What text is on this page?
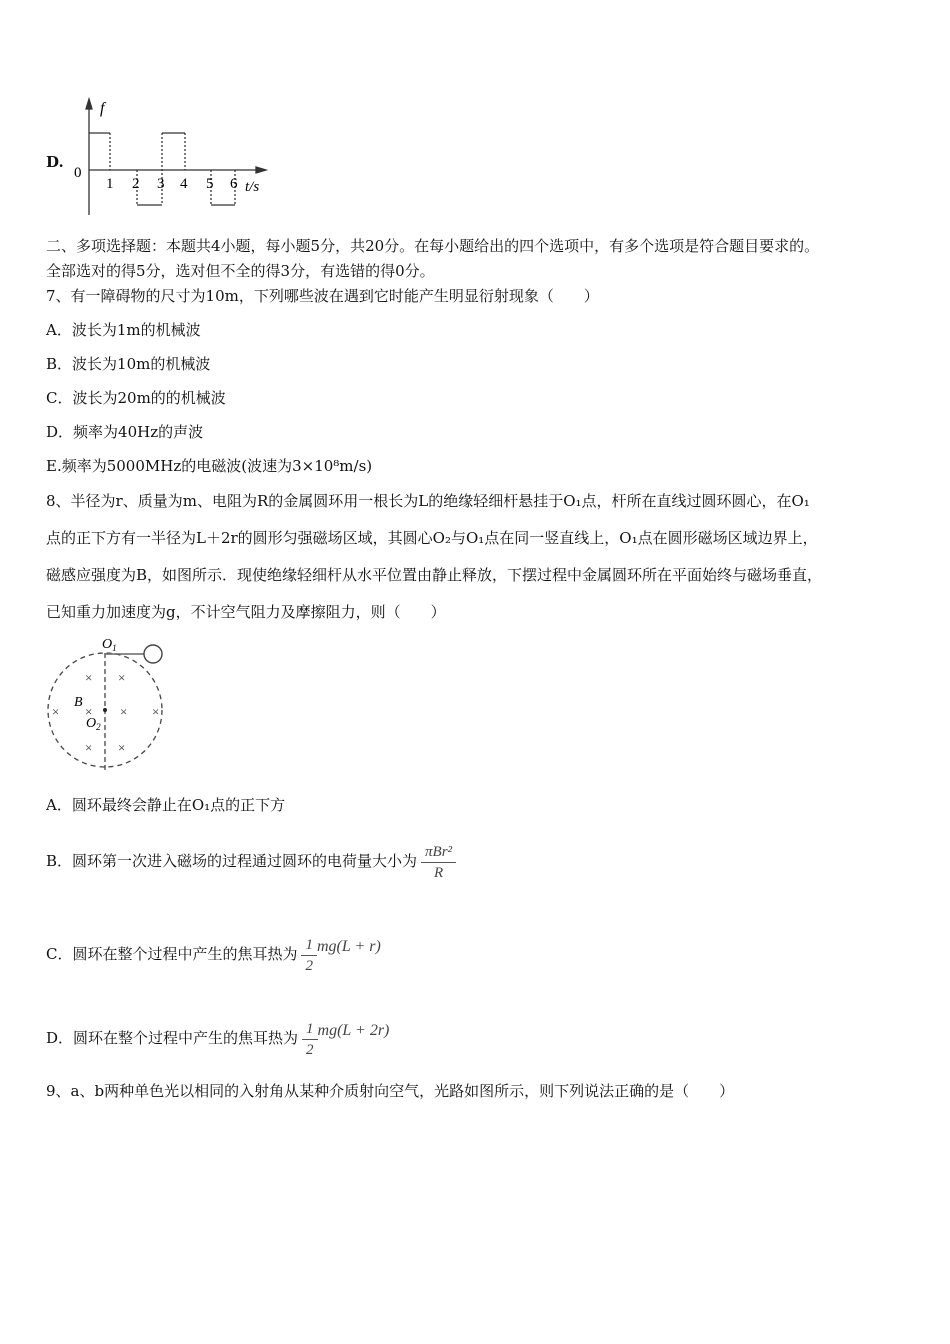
D.
f
0
1 2 3 4 5 6 t/s
二、多项选择题：本题共4小题，每小题5分，共20分。在每小题给出的四个选项中，有多个选项是符合题目要求的。
全部选对的得5分，选对但不全的得3分，有选错的得0分。
7、有一障碍物的尺寸为10m，下列哪些波在遇到它时能产生明显衍射现象（　　）
A．波长为1m的机械波
B．波长为10m的机械波
C．波长为20m的的机械波
D．频率为40Hz的声波
E.频率为5000MHz的电磁波(波速为3×10⁸m/s)
8、半径为r、质量为m、电阻为R的金属圆环用一根长为L的绝缘轻细杆悬挂于O₁点，杆所在直线过圆环圆心，在O₁
点的正下方有一半径为L＋2r的圆形匀强磁场区域，其圆心O₂与O₁点在同一竖直线上，O₁点在圆形磁场区域边界上，
磁感应强度为B，如图所示．现使绝缘轻细杆从水平位置由静止释放，下摆过程中金属圆环所在平面始终与磁场垂直，
已知重力加速度为g，不计空气阻力及摩擦阻力，则（　　）
× ×
× × × ×
× ×
$O_1$
B
$O_2$
A．圆环最终会静止在O₁点的正下方
B．圆环第一次进入磁场的过程通过圆环的电荷量大小为 $\frac{\text{πBr²}}{R}$
C．圆环在整个过程中产生的焦耳热为 $\frac{1}{2} mg(L + r)$
D．圆环在整个过程中产生的焦耳热为 $\frac{1}{2} mg(L + 2r)$
9、a、b两种单色光以相同的入射角从某种介质射向空气，光路如图所示，则下列说法正确的是（　　）
